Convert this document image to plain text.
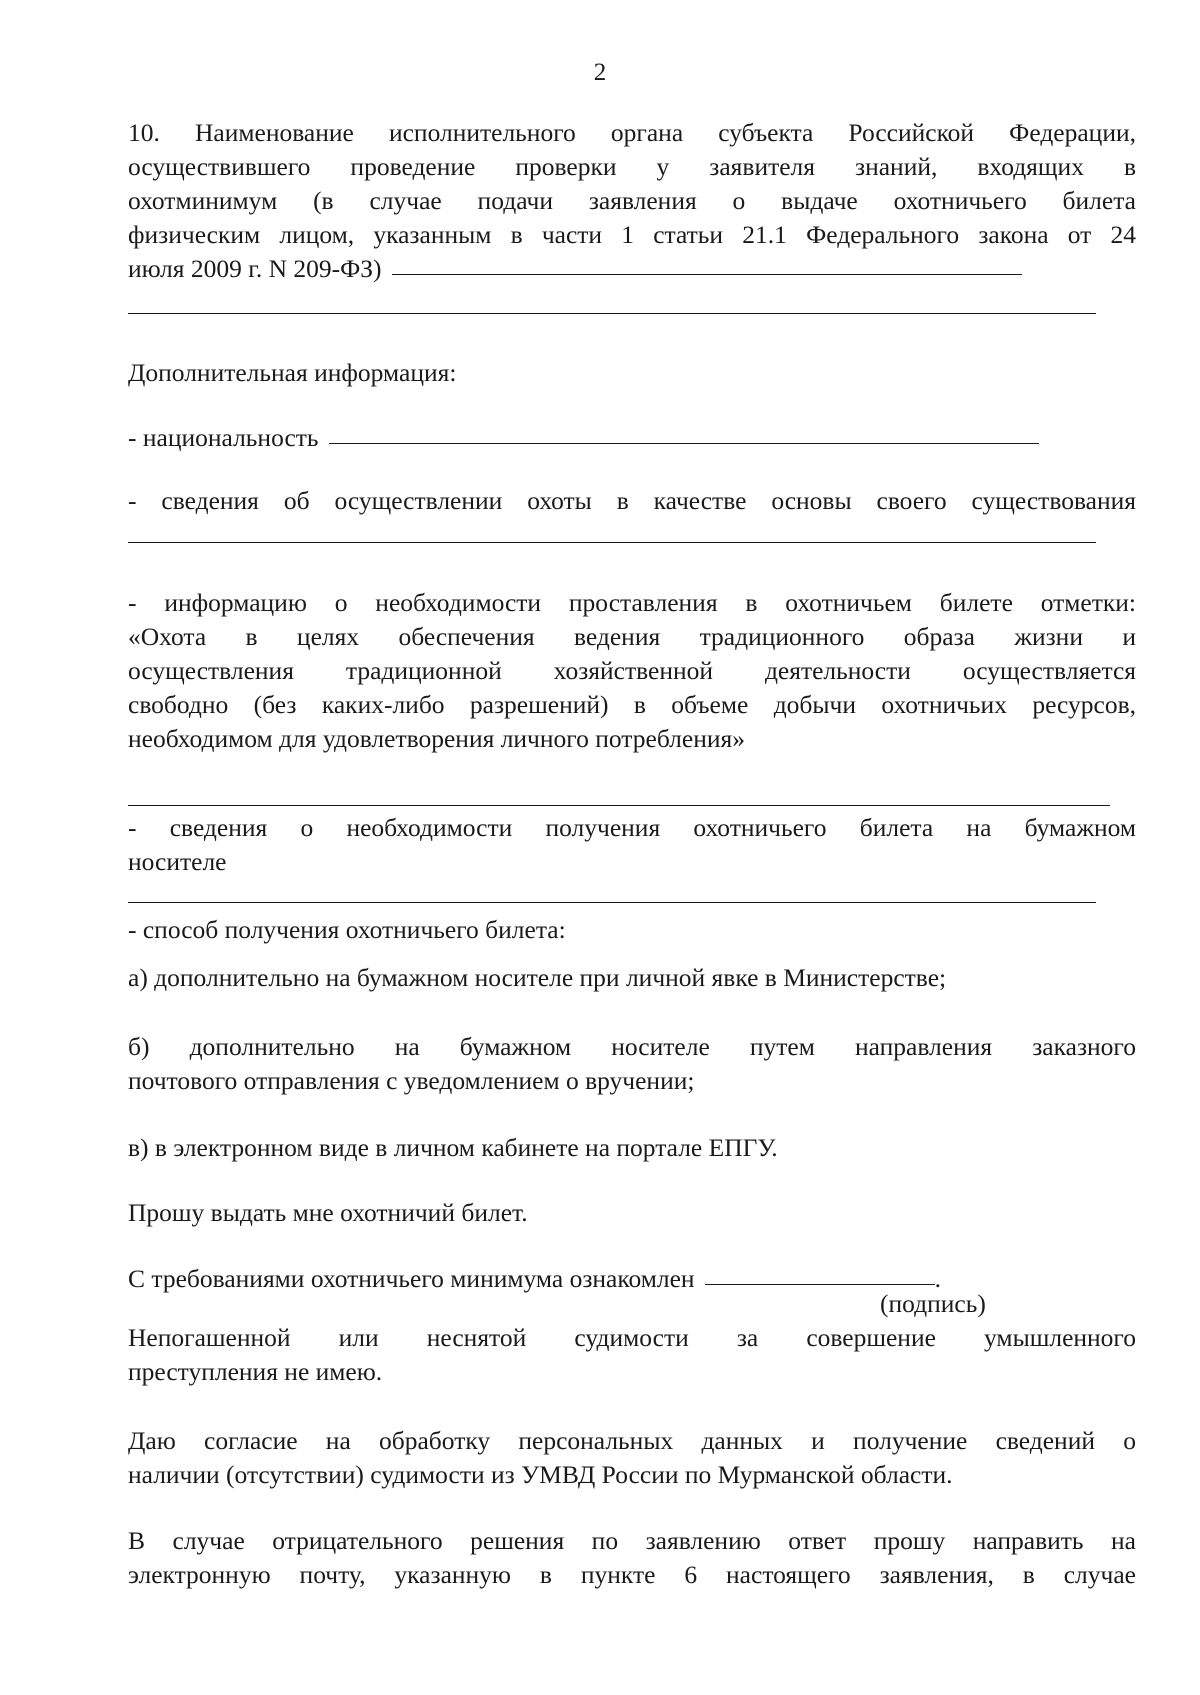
2
10. Наименование исполнительного органа субъекта Российской Федерации,
осуществившего проведение проверки у заявителя знаний, входящих в
охотминимум (в случае подачи заявления о выдаче охотничьего билета
физическим лицом, указанным в части 1 статьи 21.1 Федерального закона от 24
июля 2009 г. N 209-ФЗ)
Дополнительная информация:
- национальность
- сведения об осуществлении охоты в качестве основы своего существования
- информацию о необходимости проставления в охотничьем билете отметки:
«Охота в целях обеспечения ведения традиционного образа жизни и
осуществления традиционной хозяйственной деятельности осуществляется
свободно (без каких-либо разрешений) в объеме добычи охотничьих ресурсов,
необходимом для удовлетворения личного потребления»
- сведения о необходимости получения охотничьего билета на бумажном
носителе
- способ получения охотничьего билета:
а) дополнительно на бумажном носителе при личной явке в Министерстве;
б) дополнительно на бумажном носителе путем направления заказного
почтового отправления с уведомлением о вручении;
в) в электронном виде в личном кабинете на портале ЕПГУ.
Прошу выдать мне охотничий билет.
С требованиями охотничьего минимума ознакомлен	.
(подпись)
Непогашенной или неснятой судимости за совершение умышленного
преступления не имею.
Даю согласие на обработку персональных данных и получение сведений о
наличии (отсутствии) судимости из УМВД России по Мурманской области.
В случае отрицательного решения по заявлению ответ прошу направить на
электронную почту, указанную в пункте 6 настоящего заявления, в случае
